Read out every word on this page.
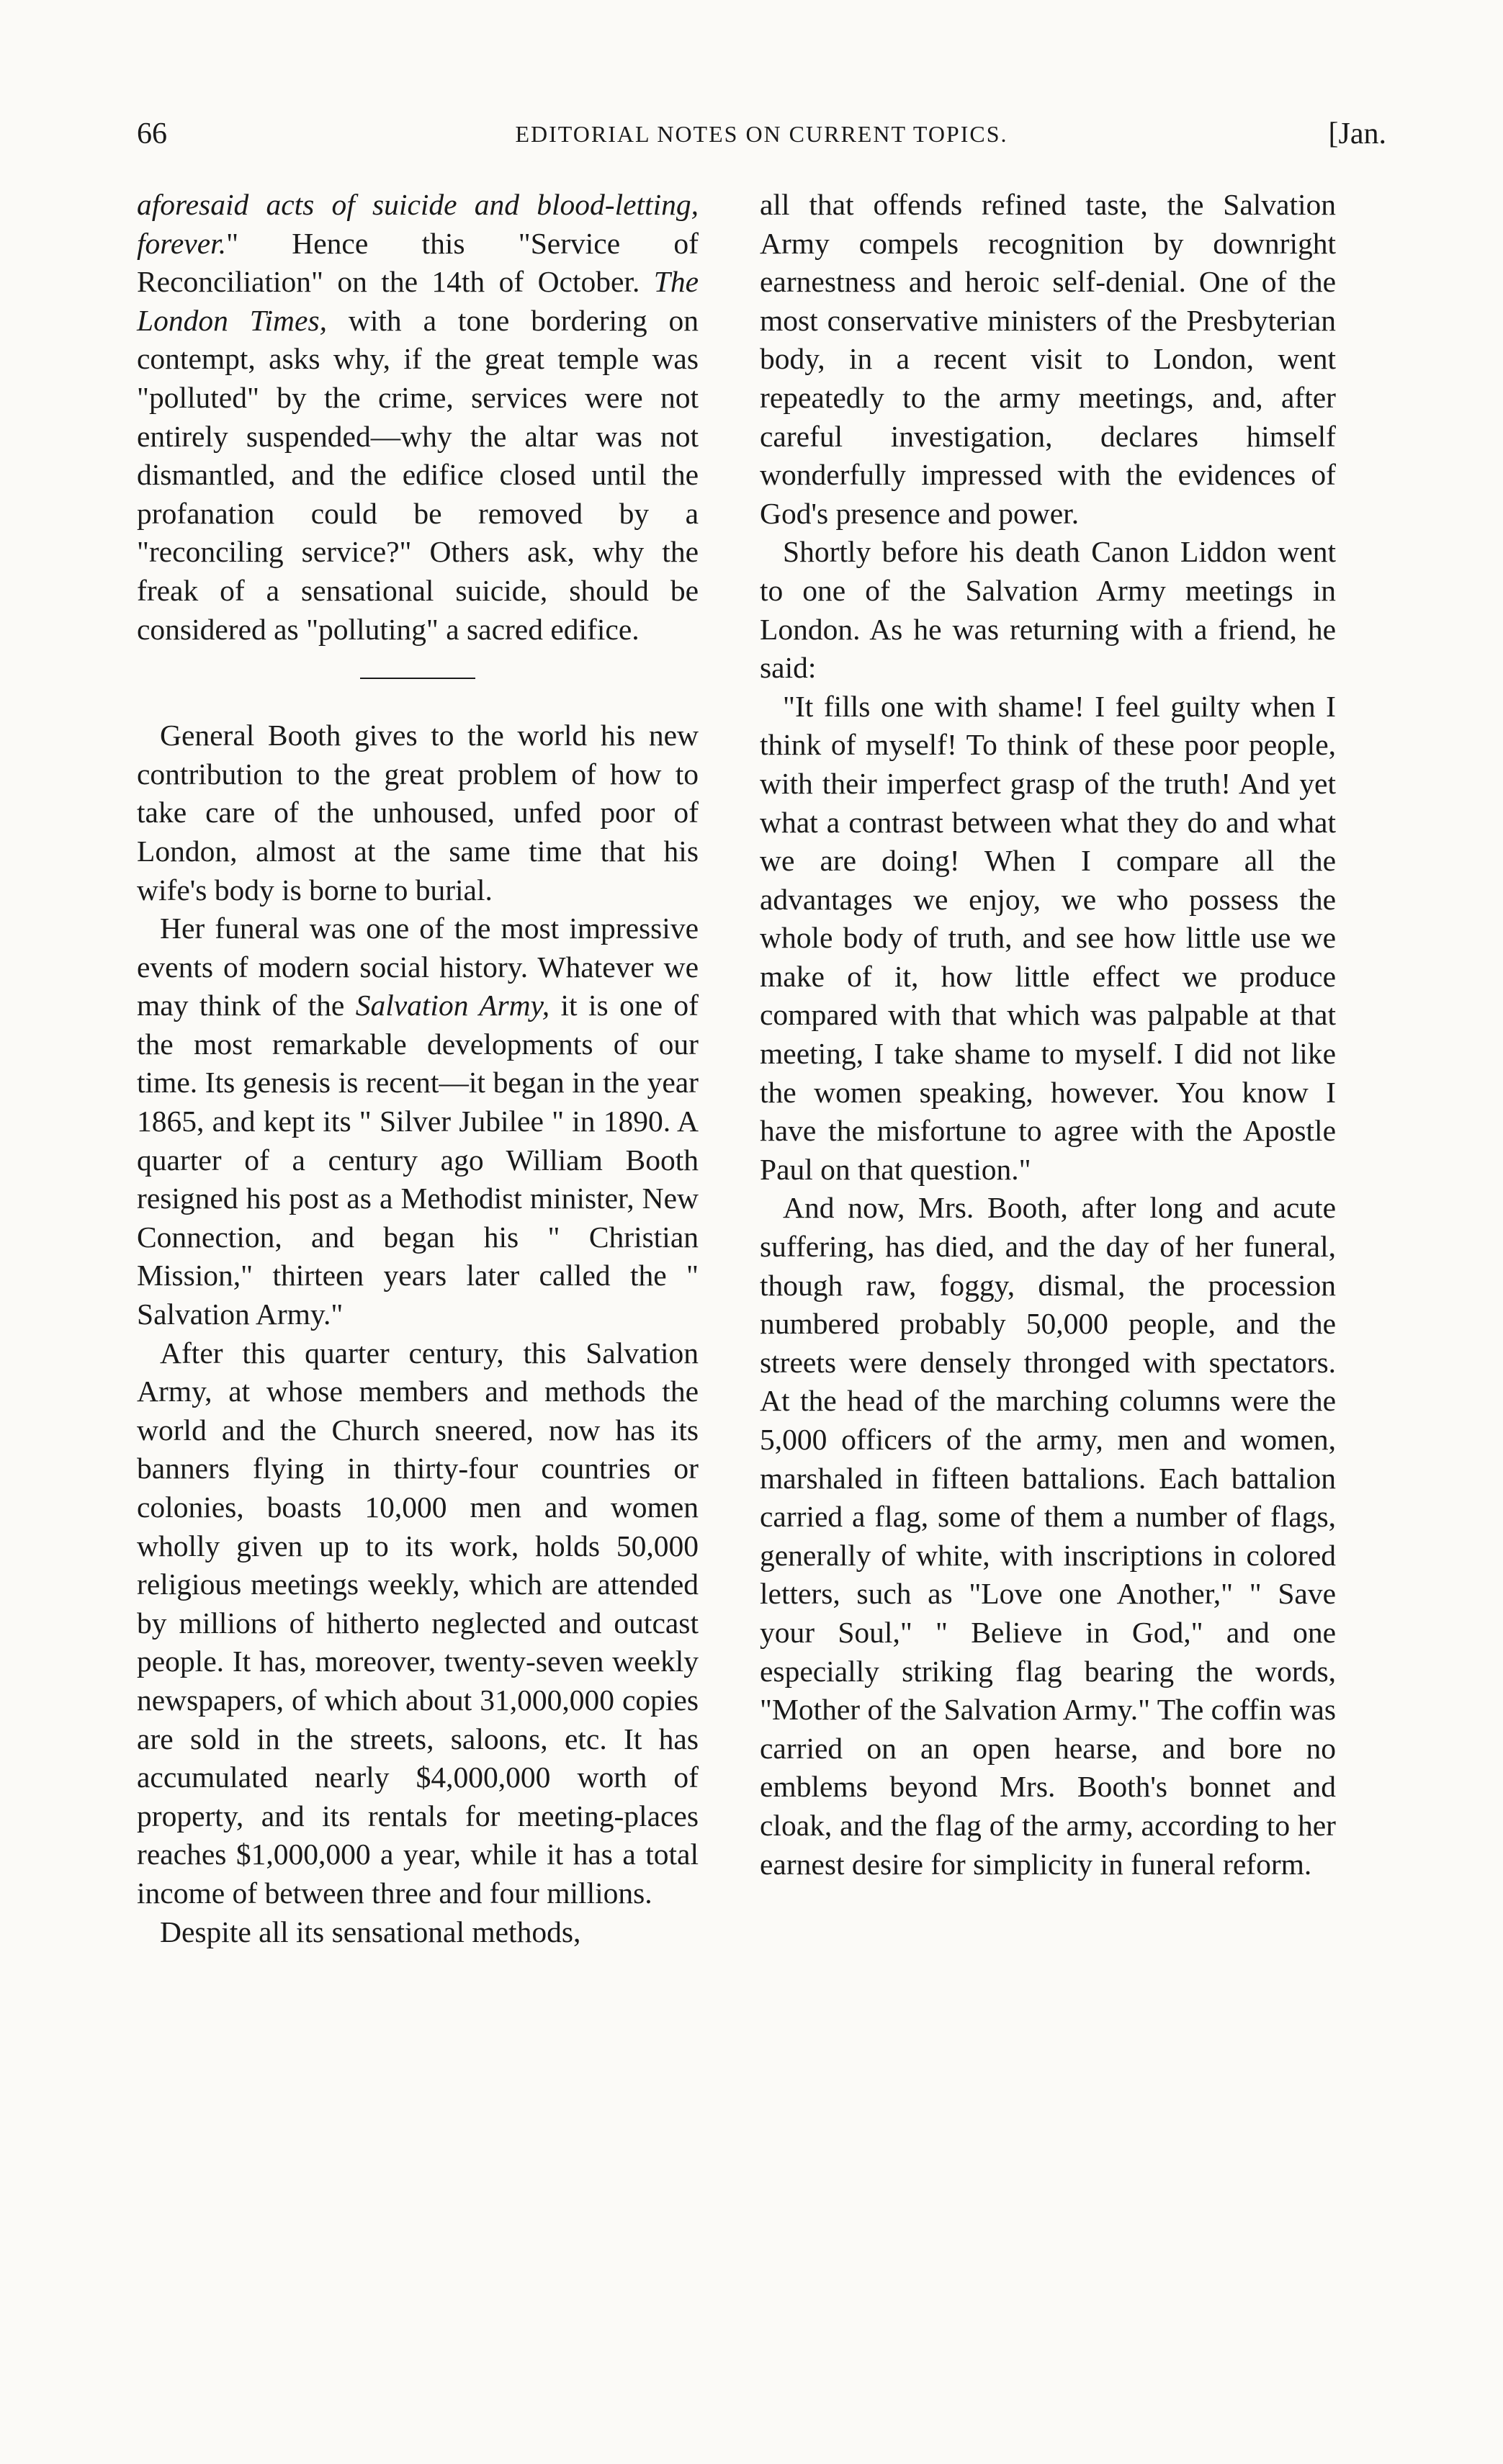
66	EDITORIAL NOTES ON CURRENT TOPICS.	[Jan.

aforesaid acts of suicide and blood-letting, forever." Hence this "Service of Reconciliation" on the 14th of October. The London Times, with a tone bordering on contempt, asks why, if the great temple was "polluted" by the crime, services were not entirely suspended—why the altar was not dismantled, and the edifice closed until the profanation could be removed by a "reconciling service?" Others ask, why the freak of a sensational suicide, should be considered as "polluting" a sacred edifice.

General Booth gives to the world his new contribution to the great problem of how to take care of the unhoused, unfed poor of London, almost at the same time that his wife's body is borne to burial.

Her funeral was one of the most impressive events of modern social history. Whatever we may think of the Salvation Army, it is one of the most remarkable developments of our time. Its genesis is recent—it began in the year 1865, and kept its " Silver Jubilee " in 1890. A quarter of a century ago William Booth resigned his post as a Methodist minister, New Connection, and began his " Christian Mission," thirteen years later called the " Salvation Army."

After this quarter century, this Salvation Army, at whose members and methods the world and the Church sneered, now has its banners flying in thirty-four countries or colonies, boasts 10,000 men and women wholly given up to its work, holds 50,000 religious meetings weekly, which are attended by millions of hitherto neglected and outcast people. It has, moreover, twenty-seven weekly newspapers, of which about 31,000,000 copies are sold in the streets, saloons, etc. It has accumulated nearly $4,000,000 worth of property, and its rentals for meeting-places reaches $1,000,000 a year, while it has a total income of between three and four millions.

Despite all its sensational methods,

all that offends refined taste, the Salvation Army compels recognition by downright earnestness and heroic self-denial. One of the most conservative ministers of the Presbyterian body, in a recent visit to London, went repeatedly to the army meetings, and, after careful investigation, declares himself wonderfully impressed with the evidences of God's presence and power.

Shortly before his death Canon Liddon went to one of the Salvation Army meetings in London. As he was returning with a friend, he said:

"It fills one with shame! I feel guilty when I think of myself! To think of these poor people, with their imperfect grasp of the truth! And yet what a contrast between what they do and what we are doing! When I compare all the advantages we enjoy, we who possess the whole body of truth, and see how little use we make of it, how little effect we produce compared with that which was palpable at that meeting, I take shame to myself. I did not like the women speaking, however. You know I have the misfortune to agree with the Apostle Paul on that question."

And now, Mrs. Booth, after long and acute suffering, has died, and the day of her funeral, though raw, foggy, dismal, the procession numbered probably 50,000 people, and the streets were densely thronged with spectators. At the head of the marching columns were the 5,000 officers of the army, men and women, marshaled in fifteen battalions. Each battalion carried a flag, some of them a number of flags, generally of white, with inscriptions in colored letters, such as "Love one Another," " Save your Soul," " Believe in God," and one especially striking flag bearing the words, "Mother of the Salvation Army." The coffin was carried on an open hearse, and bore no emblems beyond Mrs. Booth's bonnet and cloak, and the flag of the army, according to her earnest desire for simplicity in funeral reform.
